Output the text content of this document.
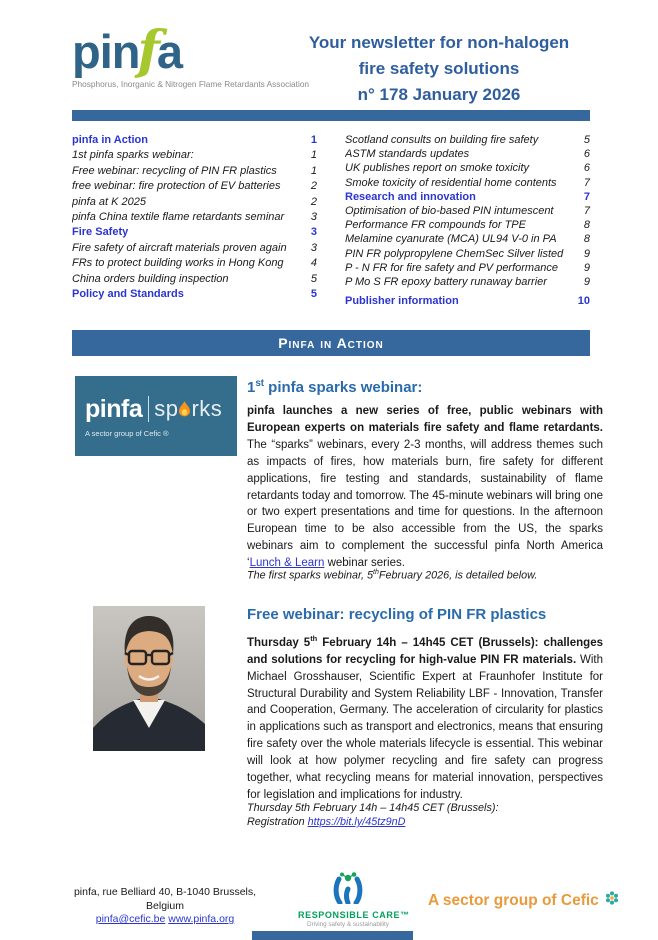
pinfa
Phosphorus, Inorganic & Nitrogen Flame Retardants Association
Your newsletter for non-halogen
fire safety solutions
n° 178 January 2026
pinfa in Action	1
1st pinfa sparks webinar:	1
Free webinar: recycling of PIN FR plastics	1
free webinar: fire protection of EV batteries	2
pinfa at K 2025	2
pinfa China textile flame retardants seminar	3
Fire Safety	3
Fire safety of aircraft materials proven again	3
FRs to protect building works in Hong Kong	4
China orders building inspection	5
Policy and Standards	5
Scotland consults on building fire safety	5
ASTM standards updates	6
UK publishes report on smoke toxicity	6
Smoke toxicity of residential home contents	7
Research and innovation	7
Optimisation of bio-based PIN intumescent	7
Performance FR compounds for TPE	8
Melamine cyanurate (MCA) UL94 V-0 in PA	8
PIN FR polypropylene ChemSec Silver listed	9
P - N FR for fire safety and PV performance	9
P Mo S FR epoxy battery runaway barrier	9
Publisher information	10
Pinfa in Action
pinfa sp rks
A sector group of Cefic ®
1st pinfa sparks webinar:
pinfa launches a new series of free, public webinars with European experts on materials fire safety and flame retardants. The “sparks” webinars, every 2-3 months, will address themes such as impacts of fires, how materials burn, fire safety for different applications, fire testing and standards, sustainability of flame retardants today and tomorrow. The 45-minute webinars will bring one or two expert presentations and time for questions. In the afternoon European time to be also accessible from the US, the sparks webinars aim to complement the successful pinfa North America ‘Lunch & Learn webinar series.
The first sparks webinar, 5thFebruary 2026, is detailed below.
Free webinar: recycling of PIN FR plastics
Thursday 5th February 14h – 14h45 CET (Brussels): challenges and solutions for recycling for high-value PIN FR materials. With Michael Grosshauser, Scientific Expert at Fraunhofer Institute for Structural Durability and System Reliability LBF - Innovation, Transfer and Cooperation, Germany. The acceleration of circularity for plastics in applications such as transport and electronics, means that ensuring fire safety over the whole materials lifecycle is essential. This webinar will look at how polymer recycling and fire safety can progress together, what recycling means for material innovation, perspectives for legislation and implications for industry.
Thursday 5th February 14h – 14h45 CET (Brussels):
Registration https://bit.ly/45tz9nD
pinfa, rue Belliard 40, B-1040 Brussels, Belgium
pinfa@cefic.be www.pinfa.org	RESPONSIBLE CARE™
Driving safety & sustainability
A sector group of Cefic
